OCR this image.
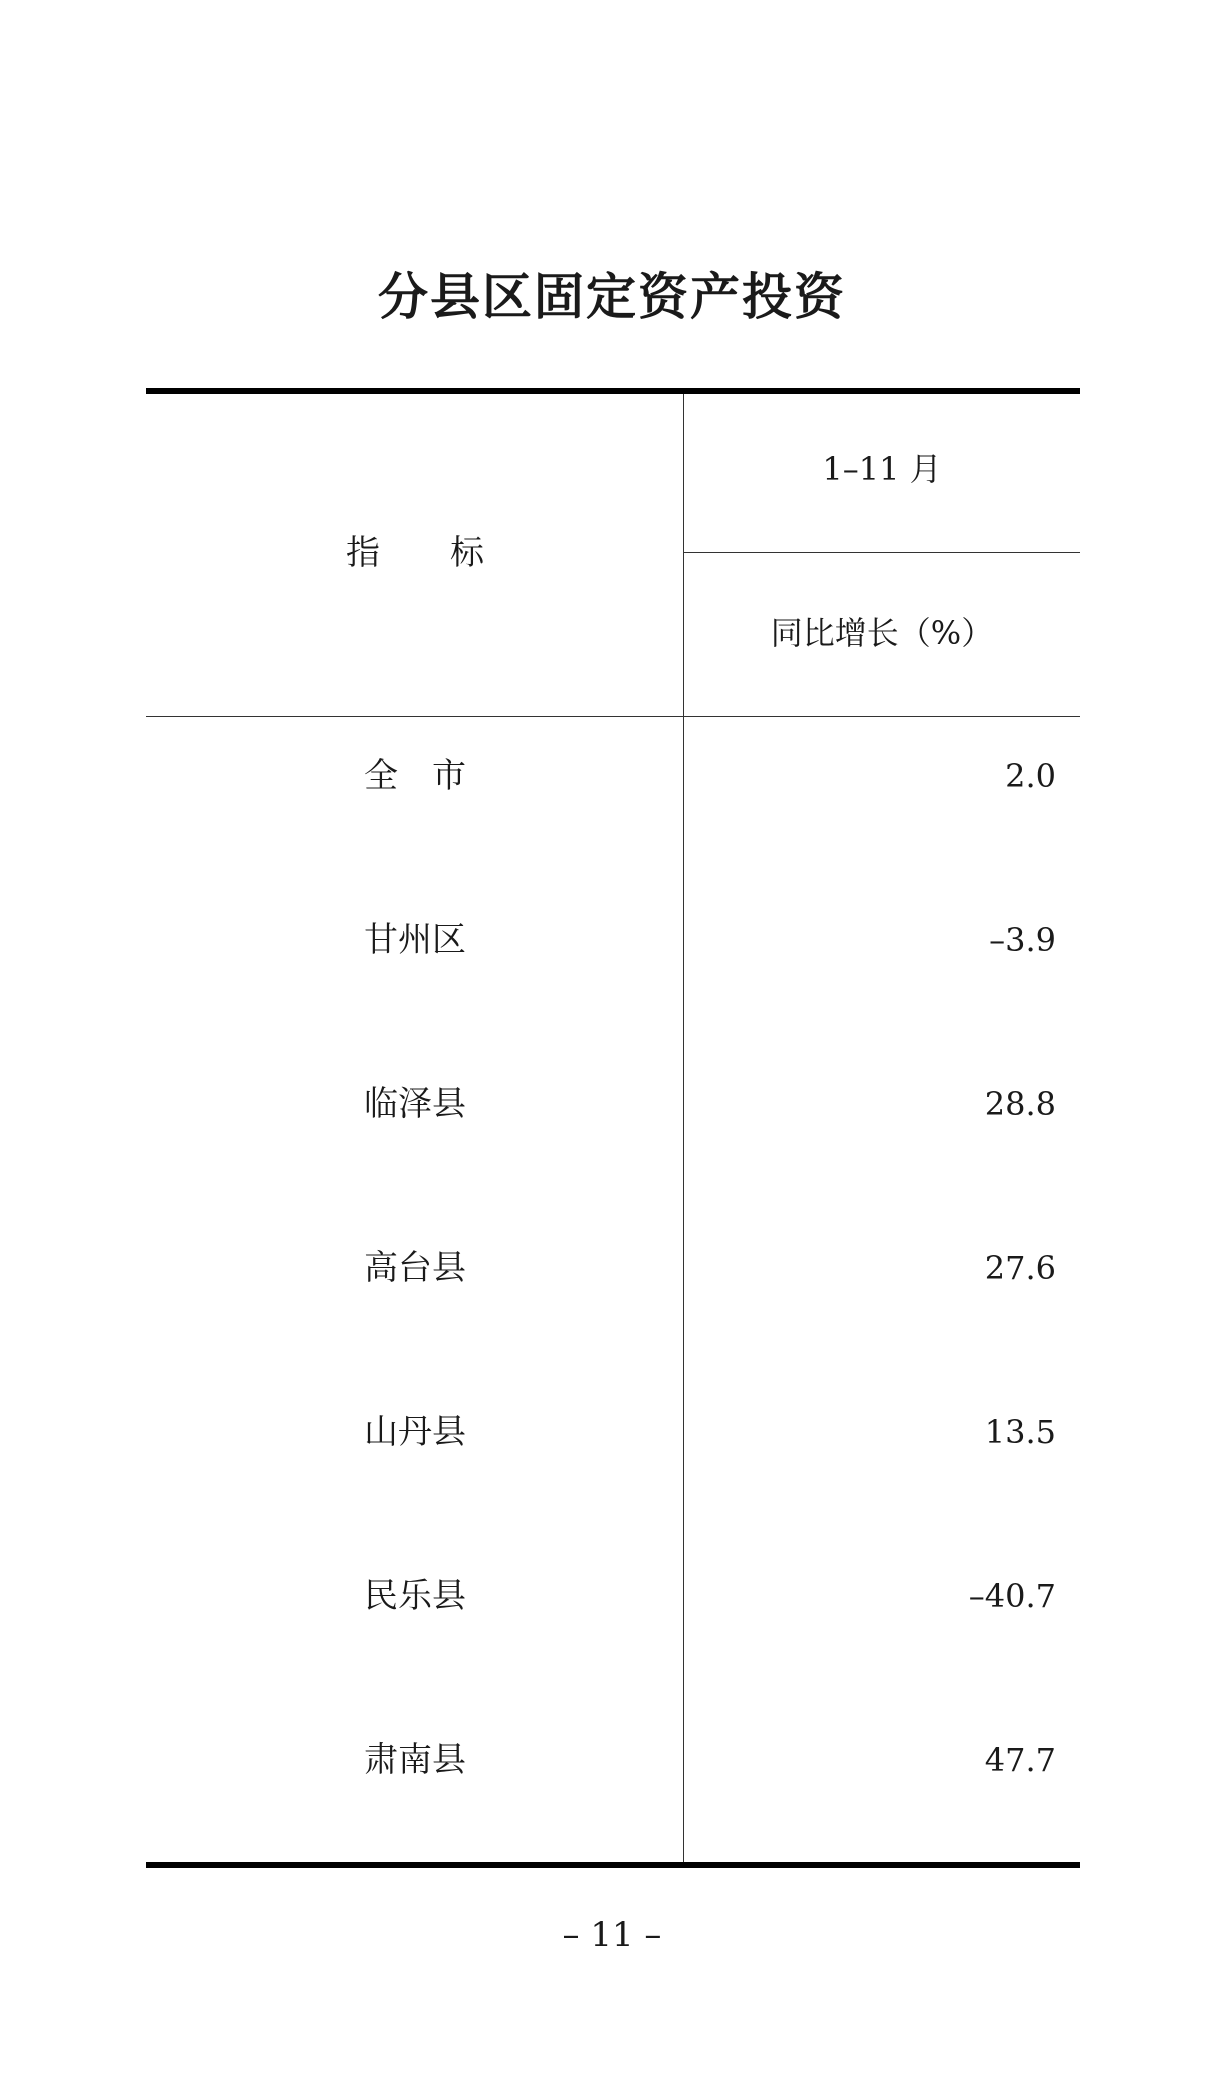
分县区固定资产投资
指 标
1–11 月
同比增长（%）
全　市	2.0
甘州区	–3.9
临泽县	28.8
高台县	27.6
山丹县	13.5
民乐县	–40.7
肃南县	47.7
– 11 –
